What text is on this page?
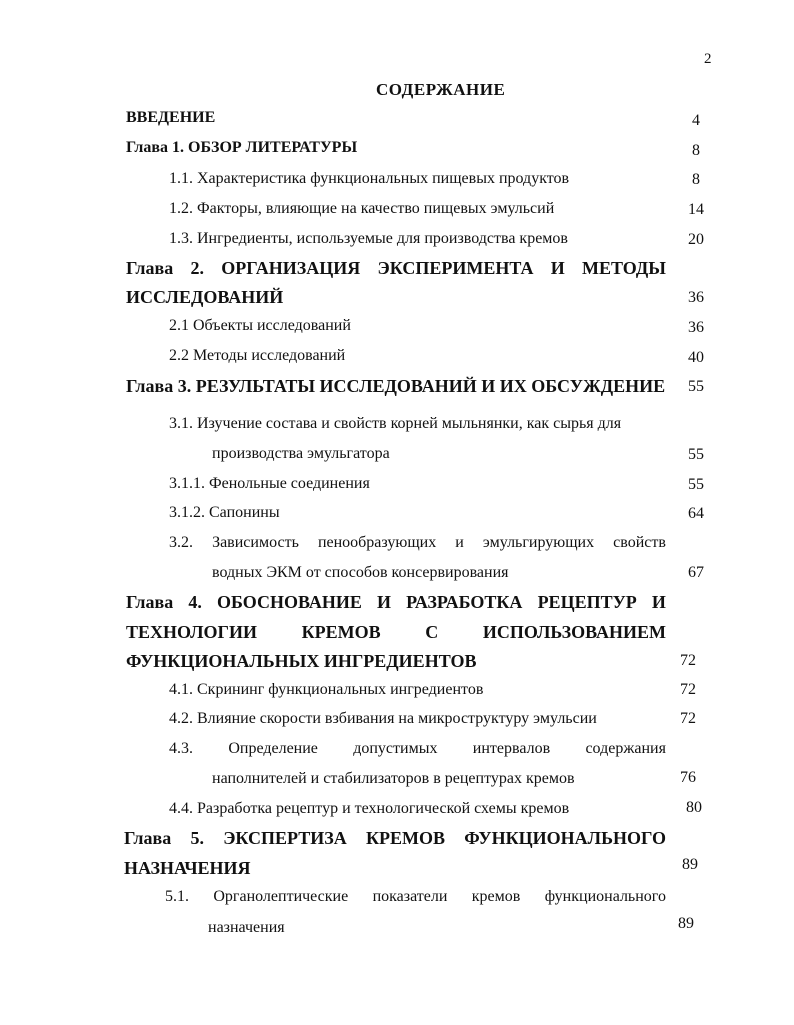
2
СОДЕРЖАНИЕ
ВВЕДЕНИЕ	4
Глава 1. ОБЗОР ЛИТЕРАТУРЫ	8
1.1. Характеристика функциональных пищевых продуктов	8
1.2. Факторы, влияющие на качество пищевых эмульсий	14
1.3. Ингредиенты, используемые для производства кремов	20
Глава 2. ОРГАНИЗАЦИЯ ЭКСПЕРИМЕНТА И МЕТОДЫ
ИССЛЕДОВАНИЙ	36
2.1 Объекты исследований	36
2.2 Методы исследований	40
Глава 3. РЕЗУЛЬТАТЫ ИССЛЕДОВАНИЙ И ИХ ОБСУЖДЕНИЕ 55
3.1. Изучение состава и свойств корней мыльнянки, как сырья для
производства эмульгатора	55
3.1.1. Фенольные соединения	55
3.1.2. Сапонины	64
3.2. Зависимость пенообразующих и эмульгирующих свойств
водных ЭКМ от способов консервирования	67
Глава 4. ОБОСНОВАНИЕ И РАЗРАБОТКА РЕЦЕПТУР И
ТЕХНОЛОГИИ КРЕМОВ С ИСПОЛЬЗОВАНИЕМ
ФУНКЦИОНАЛЬНЫХ ИНГРЕДИЕНТОВ	72
4.1. Скрининг функциональных ингредиентов	72
4.2. Влияние скорости взбивания на микроструктуру эмульсии	72
4.3. Определение допустимых интервалов содержания
наполнителей и стабилизаторов в рецептурах кремов	76
4.4. Разработка рецептур и технологической схемы кремов	80
Глава 5. ЭКСПЕРТИЗА КРЕМОВ ФУНКЦИОНАЛЬНОГО
НАЗНАЧЕНИЯ	89
5.1. Органолептические показатели кремов функционального
назначения	89
